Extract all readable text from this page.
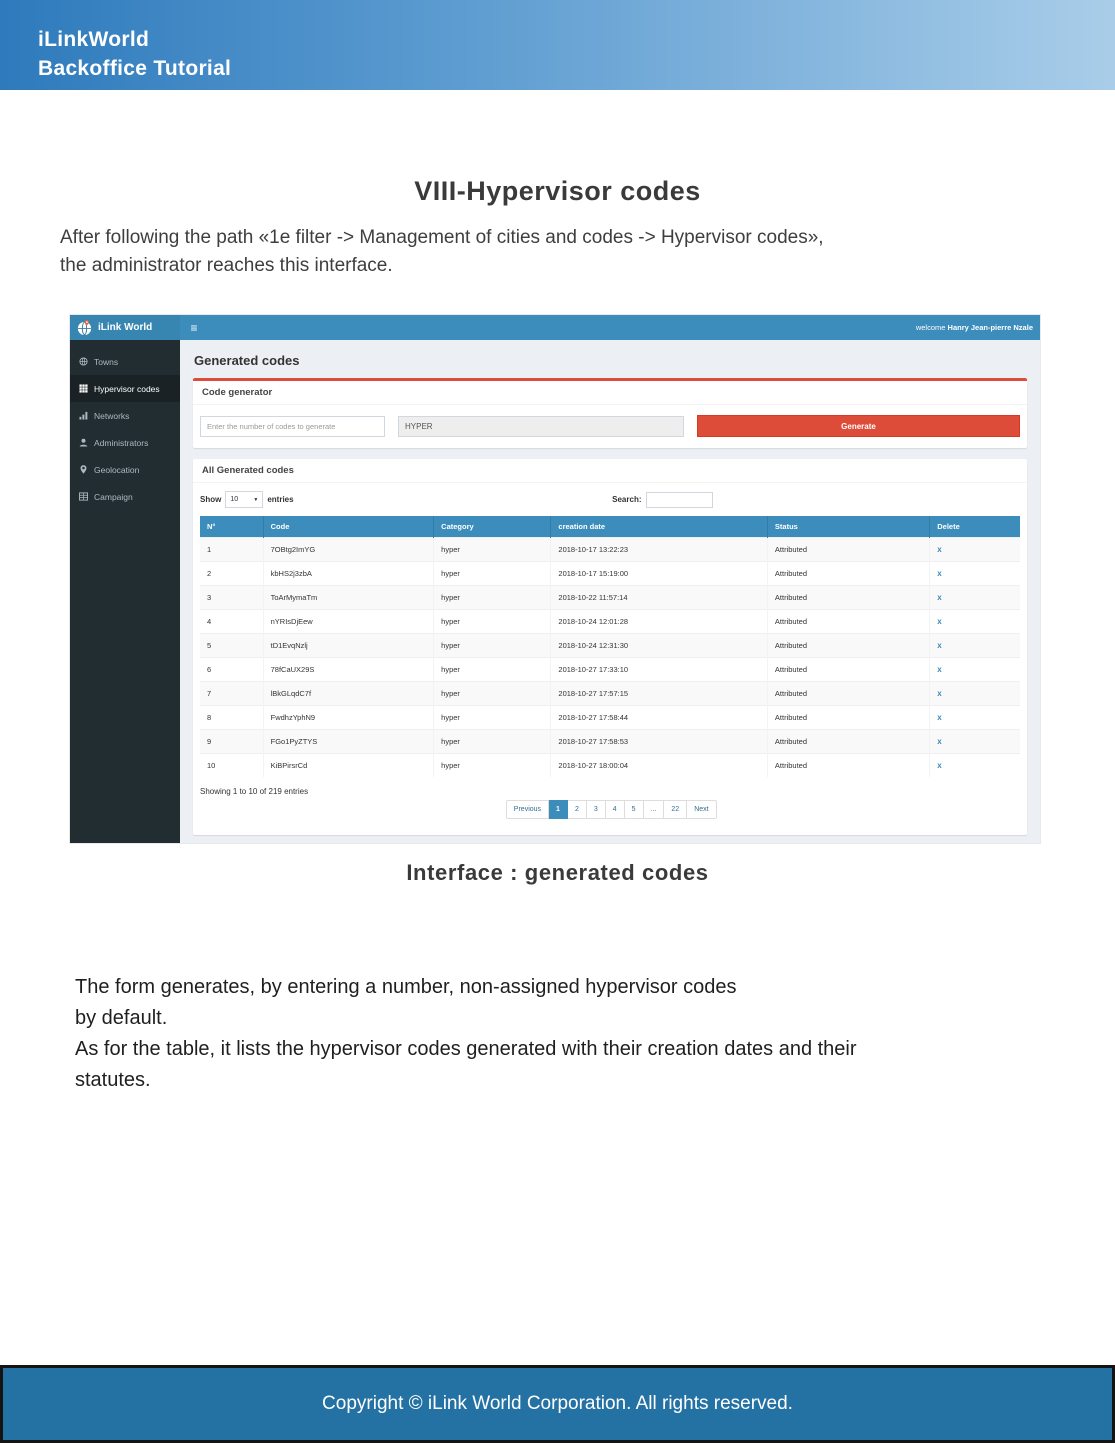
iLinkWorld
Backoffice Tutorial
VIII-Hypervisor codes

After following the path «1e filter -> Management of cities and codes -> Hypervisor codes»,
the administrator reaches this interface.

iLink World	≡	welcome Hanry Jean-pierre Nzale
Towns
Hypervisor codes
Networks
Administrators
Geolocation
Campaign
Generated codes
Code generator
Enter the number of codes to generate
HYPER
Generate
All Generated codes
Show 10	▼ entries	Search:
N°	Code	Category	creation date	Status	Delete
1	7OBtg2ImYG	hyper	2018-10-17 13:22:23	Attributed	x
2	kbHS2j3zbA	hyper	2018-10-17 15:19:00	Attributed	x
3	ToArMymaTm	hyper	2018-10-22 11:57:14	Attributed	x
4	nYRIsDjEew	hyper	2018-10-24 12:01:28	Attributed	x
5	tD1EvqNzlj	hyper	2018-10-24 12:31:30	Attributed	x
6	78fCaUX29S	hyper	2018-10-27 17:33:10	Attributed	x
7	lBkGLqdC7f	hyper	2018-10-27 17:57:15	Attributed	x
8	FwdhzYphN9	hyper	2018-10-27 17:58:44	Attributed	x
9	FGo1PyZTYS	hyper	2018-10-27 17:58:53	Attributed	x
10	KiBPirsrCd	hyper	2018-10-27 18:00:04	Attributed	x
Showing 1 to 10 of 219 entries
Previous	1	2	3	4	5	...	22	Next
Interface : generated codes
The form generates, by entering a number, non-assigned hypervisor codes
by default.
As for the table, it lists the hypervisor codes generated with their creation dates and their
statutes.
Copyright © iLink World Corporation. All rights reserved.
